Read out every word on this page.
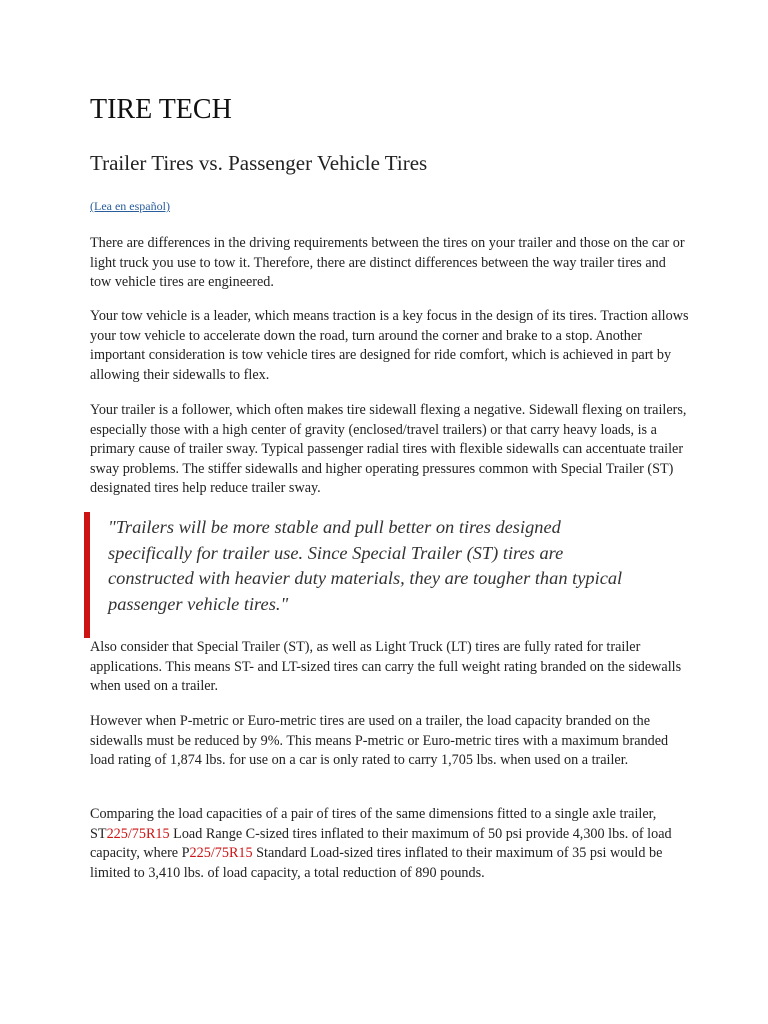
TIRE TECH
Trailer Tires vs. Passenger Vehicle Tires
(Lea en español)

There are differences in the driving requirements between the tires on your trailer and those on the car or light truck you use to tow it. Therefore, there are distinct differences between the way trailer tires and tow vehicle tires are engineered.

Your tow vehicle is a leader, which means traction is a key focus in the design of its tires. Traction allows your tow vehicle to accelerate down the road, turn around the corner and brake to a stop. Another important consideration is tow vehicle tires are designed for ride comfort, which is achieved in part by allowing their sidewalls to flex.

Your trailer is a follower, which often makes tire sidewall flexing a negative. Sidewall flexing on trailers, especially those with a high center of gravity (enclosed/travel trailers) or that carry heavy loads, is a primary cause of trailer sway. Typical passenger radial tires with flexible sidewalls can accentuate trailer sway problems. The stiffer sidewalls and higher operating pressures common with Special Trailer (ST) designated tires help reduce trailer sway.

"Trailers will be more stable and pull better on tires designed specifically for trailer use. Since Special Trailer (ST) tires are constructed with heavier duty materials, they are tougher than typical passenger vehicle tires."

Also consider that Special Trailer (ST), as well as Light Truck (LT) tires are fully rated for trailer applications. This means ST- and LT-sized tires can carry the full weight rating branded on the sidewalls when used on a trailer.

However when P-metric or Euro-metric tires are used on a trailer, the load capacity branded on the sidewalls must be reduced by 9%. This means P-metric or Euro-metric tires with a maximum branded load rating of 1,874 lbs. for use on a car is only rated to carry 1,705 lbs. when used on a trailer.

Comparing the load capacities of a pair of tires of the same dimensions fitted to a single axle trailer, ST225/75R15 Load Range C-sized tires inflated to their maximum of 50 psi provide 4,300 lbs. of load capacity, where P225/75R15 Standard Load-sized tires inflated to their maximum of 35 psi would be limited to 3,410 lbs. of load capacity, a total reduction of 890 pounds.
